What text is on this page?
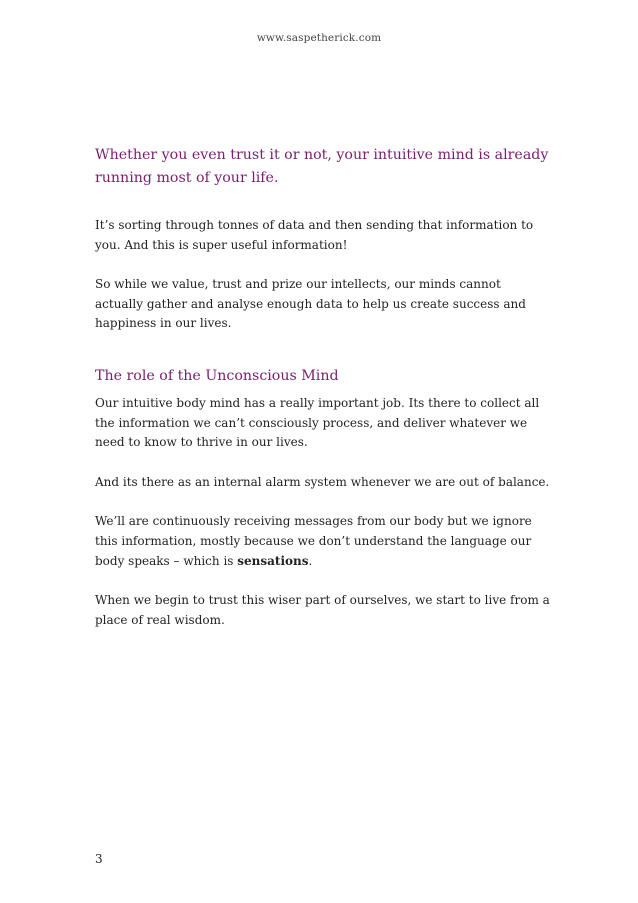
www.saspetherick.com

Whether you even trust it or not, your intuitive mind is already running most of your life.

It’s sorting through tonnes of data and then sending that information to you. And this is super useful information!

So while we value, trust and prize our intellects, our minds cannot actually gather and analyse enough data to help us create success and happiness in our lives.

The role of the Unconscious Mind

Our intuitive body mind has a really important job. Its there to collect all the information we can’t consciously process, and deliver whatever we need to know to thrive in our lives.

And its there as an internal alarm system whenever we are out of balance.

We’ll are continuously receiving messages from our body but we ignore this information, mostly because we don’t understand the language our body speaks – which is sensations.

When we begin to trust this wiser part of ourselves, we start to live from a place of real wisdom.

3
